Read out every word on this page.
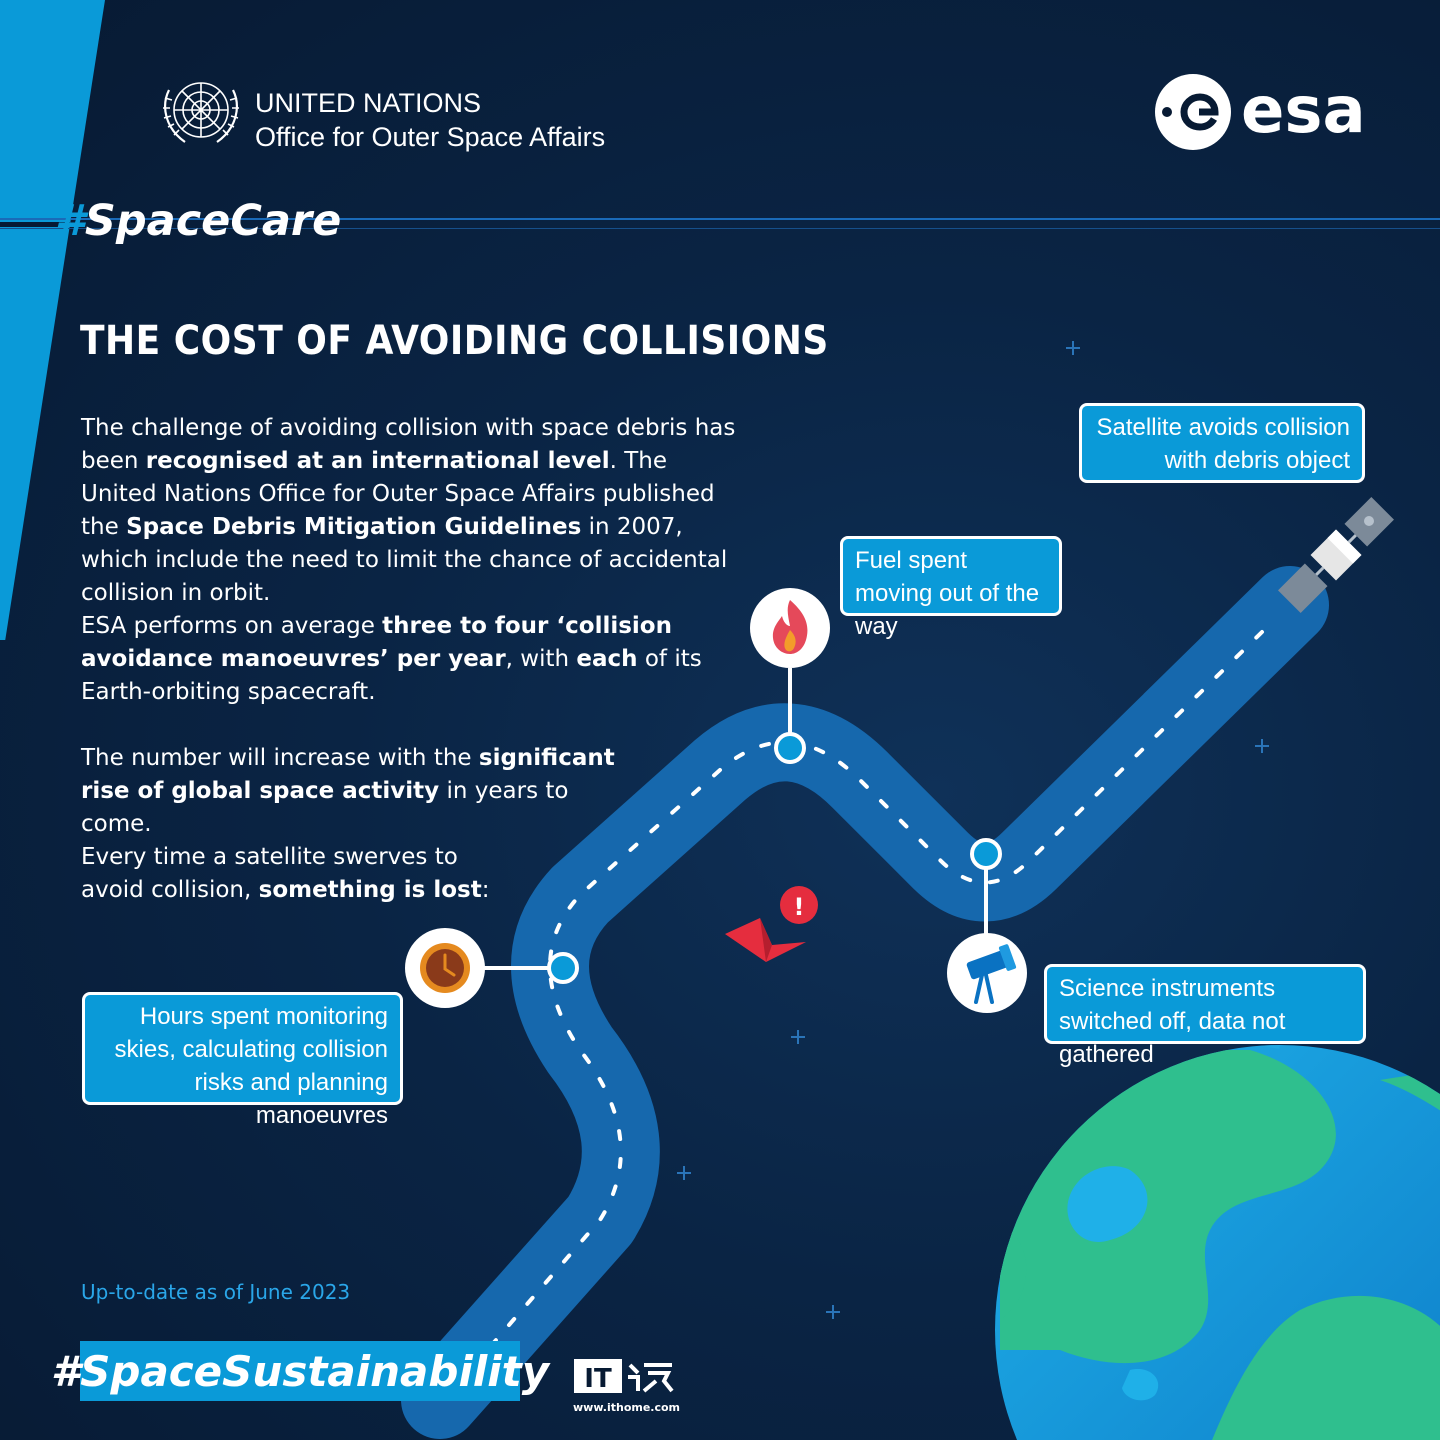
!
UNITED NATIONS
Office for Outer Space Affairs	esa
#SpaceCare
THE COST OF AVOIDING COLLISIONS
The challenge of avoiding collision with space debris has been recognised at an international level. The United Nations Office for Outer Space Affairs published the Space Debris Mitigation Guidelines in 2007, which include the need to limit the chance of accidental collision in orbit.
ESA performs on average three to four ‘collision avoidance manoeuvres’ per year, with each of its Earth-orbiting spacecraft.
The number will increase with the significant rise of global space activity in years to come.
Every time a satellite swerves to avoid collision, something is lost:
Satellite avoids collision with debris object
Fuel spent moving out of the way
Science instruments switched off, data not gathered
Hours spent monitoring skies, calculating collision risks and planning manoeuvres
Up-to-date as of June 2023
#SpaceSustainability IT
www.ithome.com
